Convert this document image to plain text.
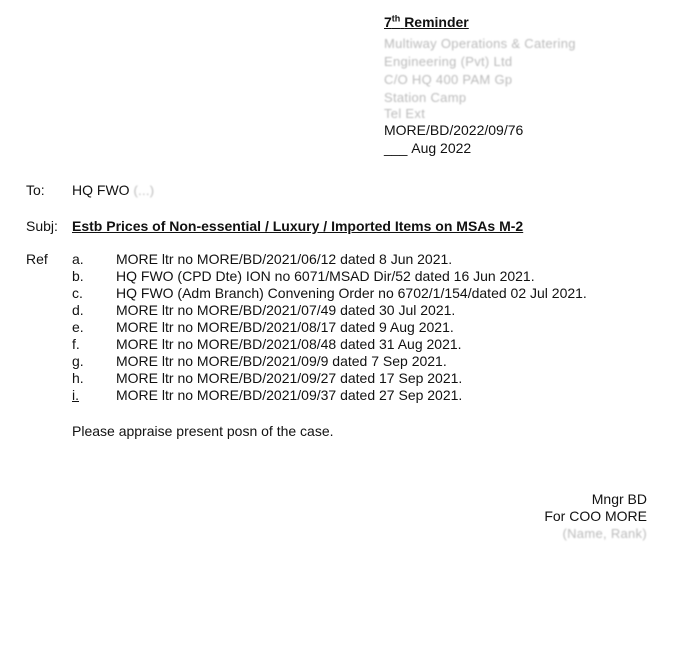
7th Reminder
Multiway Operations & Catering
Engineering (Pvt) Ltd
C/O HQ 400 PAM Gp
Station Camp
Tel Ext
MORE/BD/2022/09/76
___ Aug 2022
To: HQ FWO (...)
Subj: Estb Prices of Non-essential / Luxury / Imported Items on MSAs M-2
Ref a. MORE ltr no MORE/BD/2021/06/12 dated 8 Jun 2021.
b. HQ FWO (CPD Dte) ION no 6071/MSAD Dir/52 dated 16 Jun 2021.
c. HQ FWO (Adm Branch) Convening Order no 6702/1/154/dated 02 Jul 2021.
d. MORE ltr no MORE/BD/2021/07/49 dated 30 Jul 2021.
e. MORE ltr no MORE/BD/2021/08/17 dated 9 Aug 2021.
f.	MORE ltr no MORE/BD/2021/08/48 dated 31 Aug 2021.
g. MORE ltr no MORE/BD/2021/09/9 dated 7 Sep 2021.
h. MORE ltr no MORE/BD/2021/09/27 dated 17 Sep 2021.
i.	MORE ltr no MORE/BD/2021/09/37 dated 27 Sep 2021.
Please appraise present posn of the case.
Mngr BD
For COO MORE
(Name, Rank)
